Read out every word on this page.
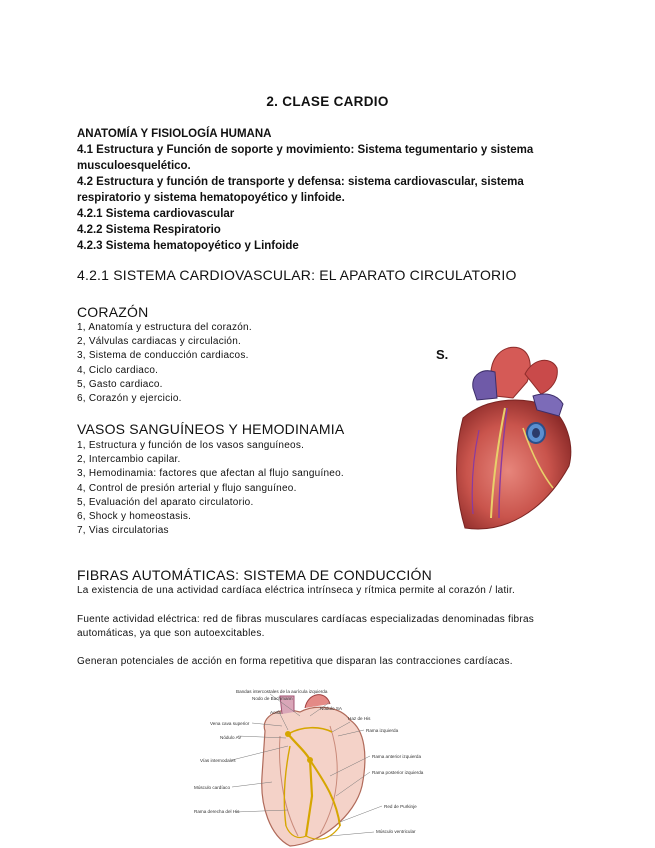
2. CLASE CARDIO
ANATOMÍA Y FISIOLOGÍA HUMANA
4.1 Estructura y Función de soporte y movimiento: Sistema tegumentario y sistema musculoesquelético.
4.2 Estructura y función de transporte y defensa: sistema cardiovascular, sistema respiratorio y sistema hematopoyético y linfoide.
4.2.1 Sistema cardiovascular
4.2.2 Sistema Respiratorio
4.2.3 Sistema hematopoyético y Linfoide
4.2.1 SISTEMA CARDIOVASCULAR: EL APARATO CIRCULATORIO
CORAZÓN
1, Anatomía y estructura del corazón.
2, Válvulas cardiacas y circulación.
3, Sistema de conducción cardiacos.
4, Ciclo cardiaco.
5, Gasto cardiaco.
6, Corazón y ejercicio.
VASOS SANGUÍNEOS Y HEMODINAMIA
1, Estructura y función de los vasos sanguíneos.
2, Intercambio capilar.
3, Hemodinamia: factores que afectan al flujo sanguíneo.
4, Control de presión arterial y flujo sanguíneo.
5, Evaluación del aparato circulatorio.
6, Shock y homeostasis.
7, Vias circulatorias
S.
FIBRAS AUTOMÁTICAS: SISTEMA DE CONDUCCIÓN

La existencia de una actividad cardíaca eléctrica intrínseca y rítmica permite al corazón / latir.

Fuente actividad eléctrica: red de fibras musculares cardíacas especializadas denominadas fibras

automáticas, ya que son autoexcitables.

Generan potenciales de acción en forma repetitiva que disparan las contracciones cardíacas.

Bandas intercostales de la aurícula izquierda
Nodo de Bachmann
Aorta
Nódulo SA
Haz de His
Vena cava superior
Nódulo AV
Vías internodales
Músculo cardíaco
Rama derecha del His
Red de Purkinje
Músculo ventricular
Rama izquierda
Rama anterior izquierda
Rama posterior izquierda
